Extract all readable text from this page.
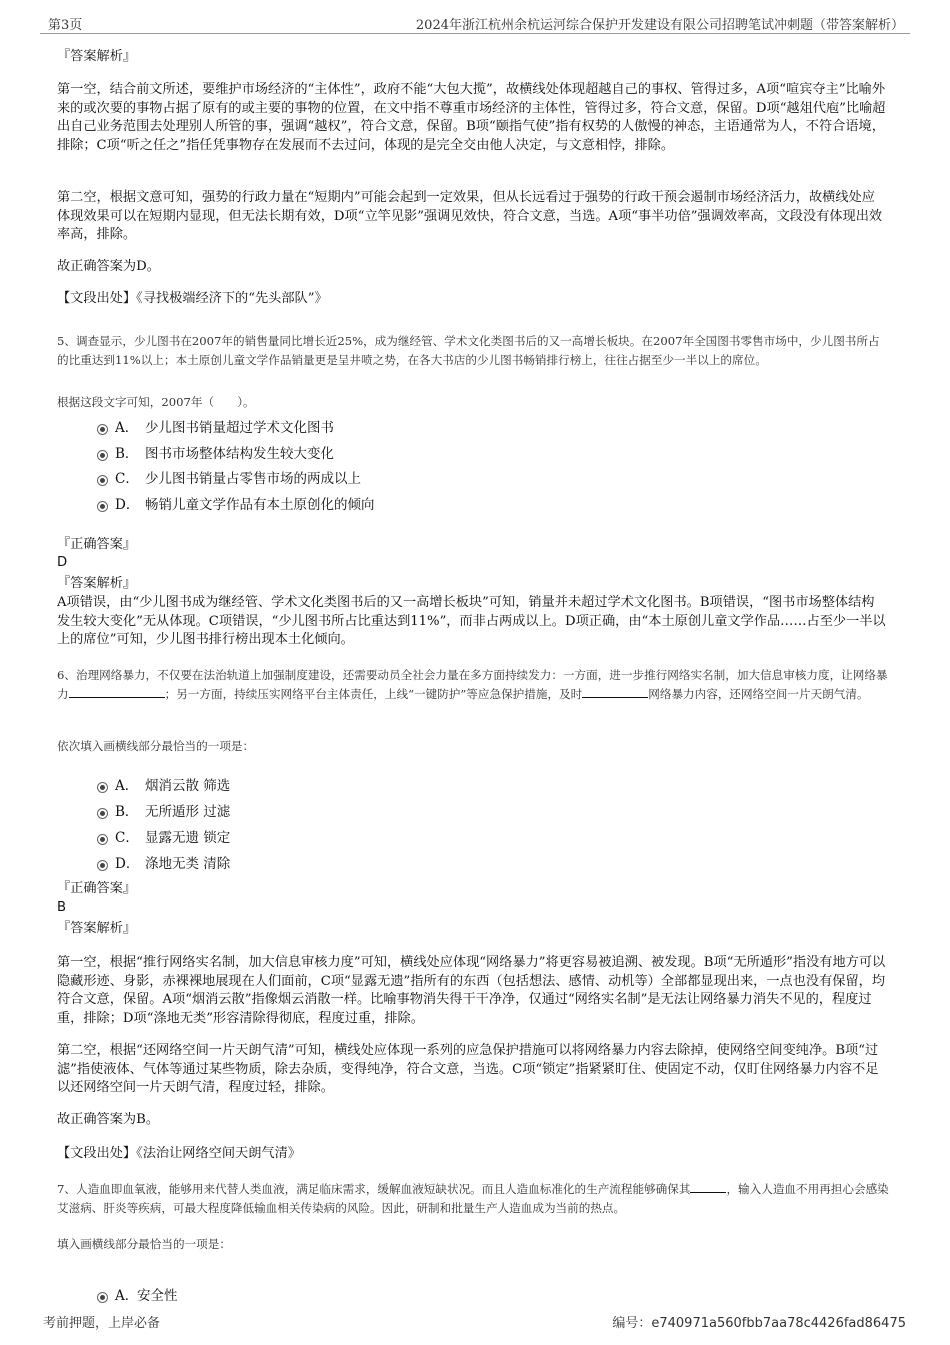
第3页	2024年浙江杭州余杭运河综合保护开发建设有限公司招聘笔试冲刺题（带答案解析）
『答案解析』
第一空，结合前文所述，要维护市场经济的“主体性”，政府不能“大包大揽”，故横线处体现超越自己的事权、管得过多，A项“喧宾夺主”比喻外来的或次要的事物占据了原有的或主要的事物的位置，在文中指不尊重市场经济的主体性，管得过多，符合文意，保留。D项“越俎代庖”比喻超出自己业务范围去处理别人所管的事，强调“越权”，符合文意，保留。B项“颐指气使”指有权势的人傲慢的神态，主语通常为人，不符合语境，排除；C项“听之任之”指任凭事物存在发展而不去过问，体现的是完全交由他人决定，与文意相悖，排除。
第二空，根据文意可知，强势的行政力量在“短期内”可能会起到一定效果，但从长远看过于强势的行政干预会遏制市场经济活力，故横线处应体现效果可以在短期内显现，但无法长期有效，D项“立竿见影”强调见效快，符合文意，当选。A项“事半功倍”强调效率高，文段没有体现出效率高，排除。
故正确答案为D。
【文段出处】《寻找极端经济下的“先头部队”》
5、调查显示，少儿图书在2007年的销售量同比增长近25%，成为继经管、学术文化类图书后的又一高增长板块。在2007年全国图书零售市场中，少儿图书所占的比重达到11%以上；本土原创儿童文学作品销量更是呈井喷之势，在各大书店的少儿图书畅销排行榜上，往往占据至少一半以上的席位。
根据这段文字可知，2007年（　　）。
A． 少儿图书销量超过学术文化图书
B． 图书市场整体结构发生较大变化
C． 少儿图书销量占零售市场的两成以上
D． 畅销儿童文学作品有本土原创化的倾向
『正确答案』
D
『答案解析』
A项错误，由“少儿图书成为继经管、学术文化类图书后的又一高增长板块”可知，销量并未超过学术文化图书。B项错误，“图书市场整体结构发生较大变化”无从体现。C项错误，“少儿图书所占比重达到11%”，而非占两成以上。D项正确，由“本土原创儿童文学作品……占至少一半以上的席位”可知，少儿图书排行榜出现本土化倾向。
6、治理网络暴力，不仅要在法治轨道上加强制度建设，还需要动员全社会力量在多方面持续发力：一方面，进一步推行网络实名制，加大信息审核力度，让网络暴力	；另一方面，持续压实网络平台主体责任，上线“一键防护”等应急保护措施，及时	网络暴力内容，还网络空间一片天朗气清。
依次填入画横线部分最恰当的一项是：
A． 烟消云散 筛选
B． 无所遁形 过滤
C． 显露无遗 锁定
D． 涤地无类 清除
『正确答案』
B
『答案解析』
第一空，根据“推行网络实名制，加大信息审核力度”可知，横线处应体现“网络暴力”将更容易被追溯、被发现。B项“无所遁形”指没有地方可以隐藏形迹、身影，赤裸裸地展现在人们面前，C项“显露无遗”指所有的东西（包括想法、感情、动机等）全部都显现出来，一点也没有保留，均符合文意，保留。A项“烟消云散”指像烟云消散一样。比喻事物消失得干干净净，仅通过“网络实名制”是无法让网络暴力消失不见的，程度过重，排除；D项“涤地无类”形容清除得彻底，程度过重，排除。
第二空，根据“还网络空间一片天朗气清”可知，横线处应体现一系列的应急保护措施可以将网络暴力内容去除掉，使网络空间变纯净。B项“过滤”指使液体、气体等通过某些物质，除去杂质，变得纯净，符合文意，当选。C项“锁定”指紧紧盯住、使固定不动，仅盯住网络暴力内容不足以还网络空间一片天朗气清，程度过轻，排除。
故正确答案为B。
【文段出处】《法治让网络空间天朗气清》
7、人造血即血氧液，能够用来代替人类血液，满足临床需求，缓解血液短缺状况。而且人造血标准化的生产流程能够确保其	，输入人造血不用再担心会感染艾滋病、肝炎等疾病，可最大程度降低输血相关传染病的风险。因此，研制和批量生产人造血成为当前的热点。
填入画横线部分最恰当的一项是：
A．
安全性
考前押题，上岸必备	编号：e740971a560fbb7aa78c4426fad86475
